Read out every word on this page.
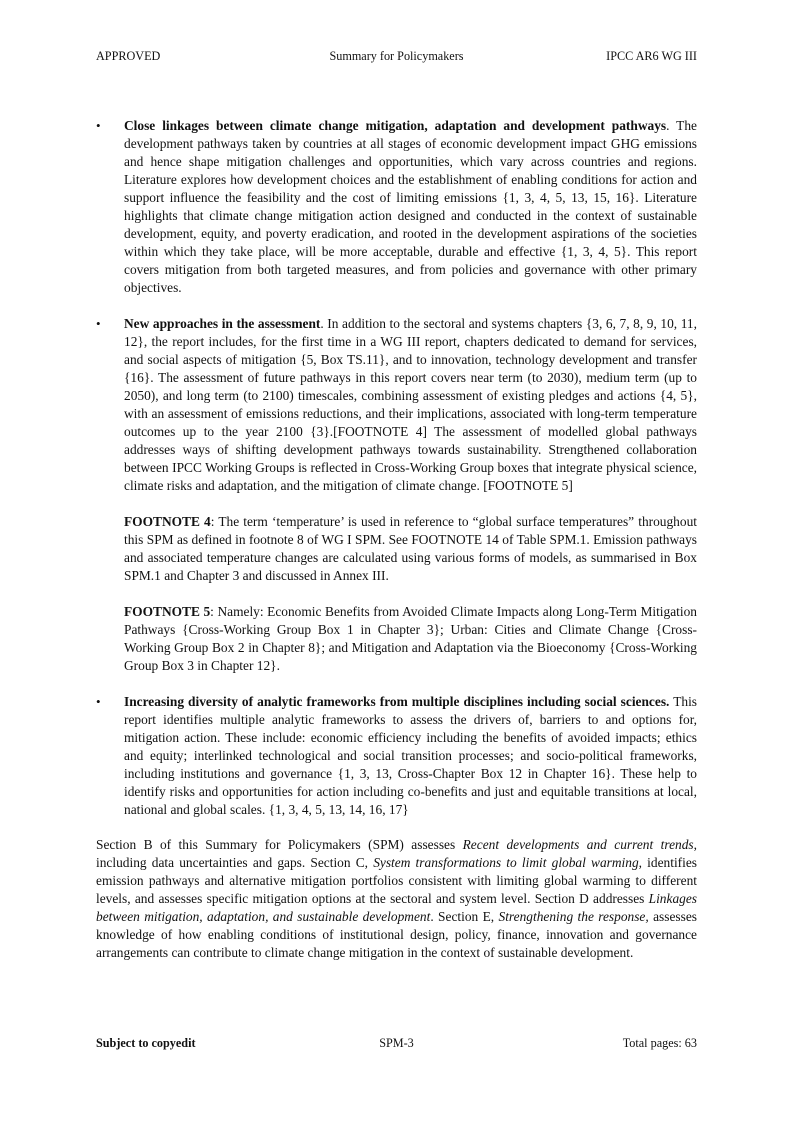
APPROVED	Summary for Policymakers	IPCC AR6 WG III
• Close linkages between climate change mitigation, adaptation and development pathways. The development pathways taken by countries at all stages of economic development impact GHG emissions and hence shape mitigation challenges and opportunities, which vary across countries and regions. Literature explores how development choices and the establishment of enabling conditions for action and support influence the feasibility and the cost of limiting emissions {1, 3, 4, 5, 13, 15, 16}. Literature highlights that climate change mitigation action designed and conducted in the context of sustainable development, equity, and poverty eradication, and rooted in the development aspirations of the societies within which they take place, will be more acceptable, durable and effective {1, 3, 4, 5}. This report covers mitigation from both targeted measures, and from policies and governance with other primary objectives.

• New approaches in the assessment. In addition to the sectoral and systems chapters {3, 6, 7, 8, 9, 10, 11, 12}, the report includes, for the first time in a WG III report, chapters dedicated to demand for services, and social aspects of mitigation {5, Box TS.11}, and to innovation, technology development and transfer {16}. The assessment of future pathways in this report covers near term (to 2030), medium term (up to 2050), and long term (to 2100) timescales, combining assessment of existing pledges and actions {4, 5}, with an assessment of emissions reductions, and their implications, associated with long-term temperature outcomes up to the year 2100 {3}.[FOOTNOTE 4] The assessment of modelled global pathways addresses ways of shifting development pathways towards sustainability. Strengthened collaboration between IPCC Working Groups is reflected in Cross-Working Group boxes that integrate physical science, climate risks and adaptation, and the mitigation of climate change. [FOOTNOTE 5]

FOOTNOTE 4: The term ‘temperature’ is used in reference to “global surface temperatures” throughout this SPM as defined in footnote 8 of WG I SPM. See FOOTNOTE 14 of Table SPM.1. Emission pathways and associated temperature changes are calculated using various forms of models, as summarised in Box SPM.1 and Chapter 3 and discussed in Annex III.

FOOTNOTE 5: Namely: Economic Benefits from Avoided Climate Impacts along Long-Term Mitigation Pathways {Cross-Working Group Box 1 in Chapter 3}; Urban: Cities and Climate Change {Cross-Working Group Box 2 in Chapter 8}; and Mitigation and Adaptation via the Bioeconomy {Cross-Working Group Box 3 in Chapter 12}.

• Increasing diversity of analytic frameworks from multiple disciplines including social sciences. This report identifies multiple analytic frameworks to assess the drivers of, barriers to and options for, mitigation action. These include: economic efficiency including the benefits of avoided impacts; ethics and equity; interlinked technological and social transition processes; and socio-political frameworks, including institutions and governance {1, 3, 13, Cross-Chapter Box 12 in Chapter 16}. These help to identify risks and opportunities for action including co-benefits and just and equitable transitions at local, national and global scales. {1, 3, 4, 5, 13, 14, 16, 17}

Section B of this Summary for Policymakers (SPM) assesses Recent developments and current trends, including data uncertainties and gaps. Section C, System transformations to limit global warming, identifies emission pathways and alternative mitigation portfolios consistent with limiting global warming to different levels, and assesses specific mitigation options at the sectoral and system level. Section D addresses Linkages between mitigation, adaptation, and sustainable development. Section E, Strengthening the response, assesses knowledge of how enabling conditions of institutional design, policy, finance, innovation and governance arrangements can contribute to climate change mitigation in the context of sustainable development.

Subject to copyedit	SPM-3	Total pages: 63
